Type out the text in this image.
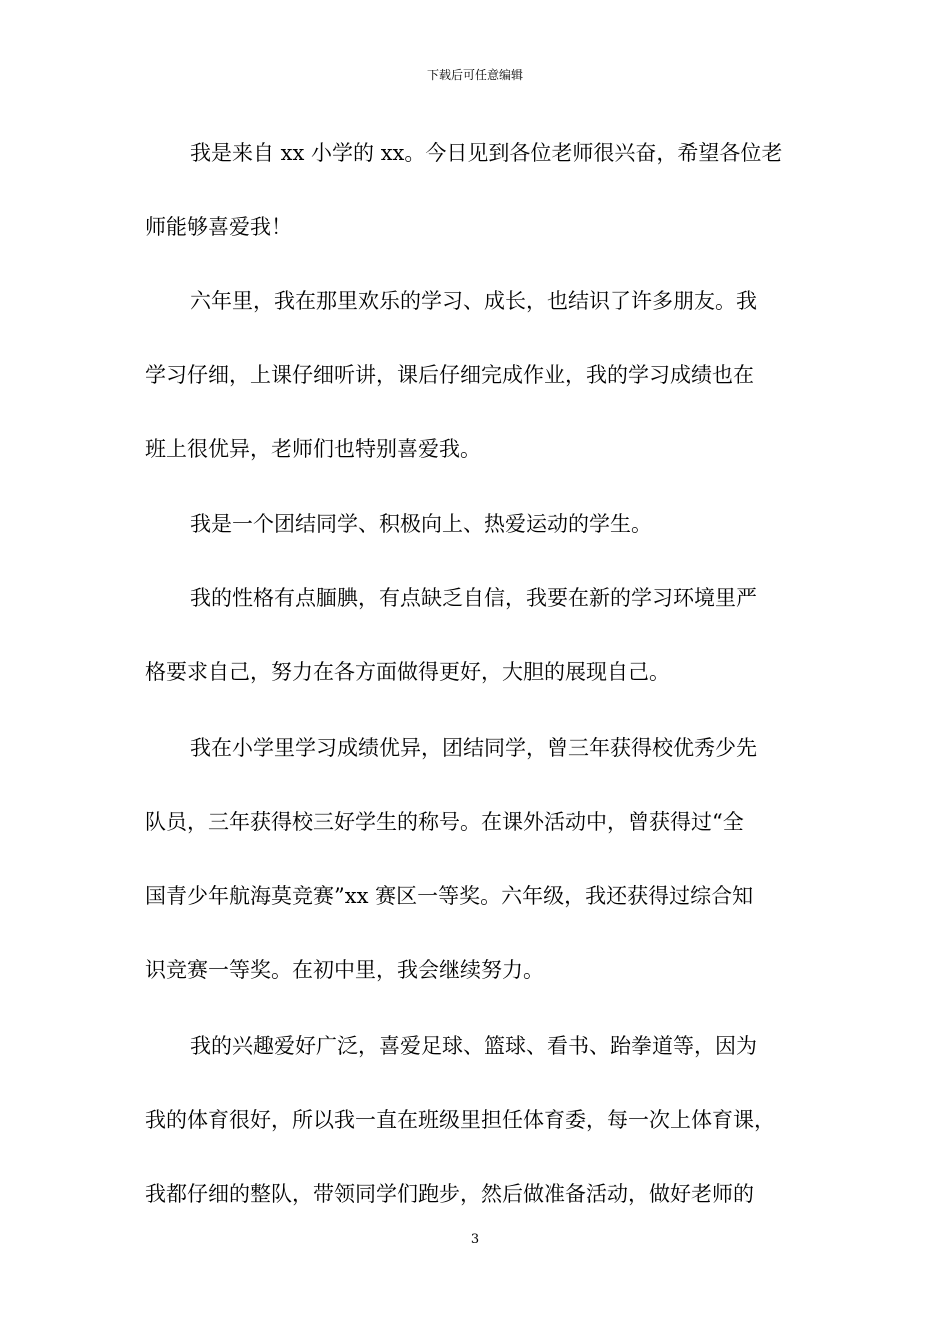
下载后可任意编辑
我是来自 xx 小学的 xx。今日见到各位老师很兴奋，希望各位老
师能够喜爱我！
六年里，我在那里欢乐的学习、成长，也结识了许多朋友。我
学习仔细，上课仔细听讲，课后仔细完成作业，我的学习成绩也在
班上很优异，老师们也特别喜爱我。
我是一个团结同学、积极向上、热爱运动的学生。
我的性格有点腼腆，有点缺乏自信，我要在新的学习环境里严
格要求自己，努力在各方面做得更好，大胆的展现自己。
我在小学里学习成绩优异，团结同学，曾三年获得校优秀少先
队员，三年获得校三好学生的称号。在课外活动中，曾获得过“全
国青少年航海莫竞赛”xx 赛区一等奖。六年级，我还获得过综合知
识竞赛一等奖。在初中里，我会继续努力。
我的兴趣爱好广泛，喜爱足球、篮球、看书、跆拳道等，因为
我的体育很好，所以我一直在班级里担任体育委，每一次上体育课，
我都仔细的整队，带领同学们跑步，然后做准备活动，做好老师的
3
